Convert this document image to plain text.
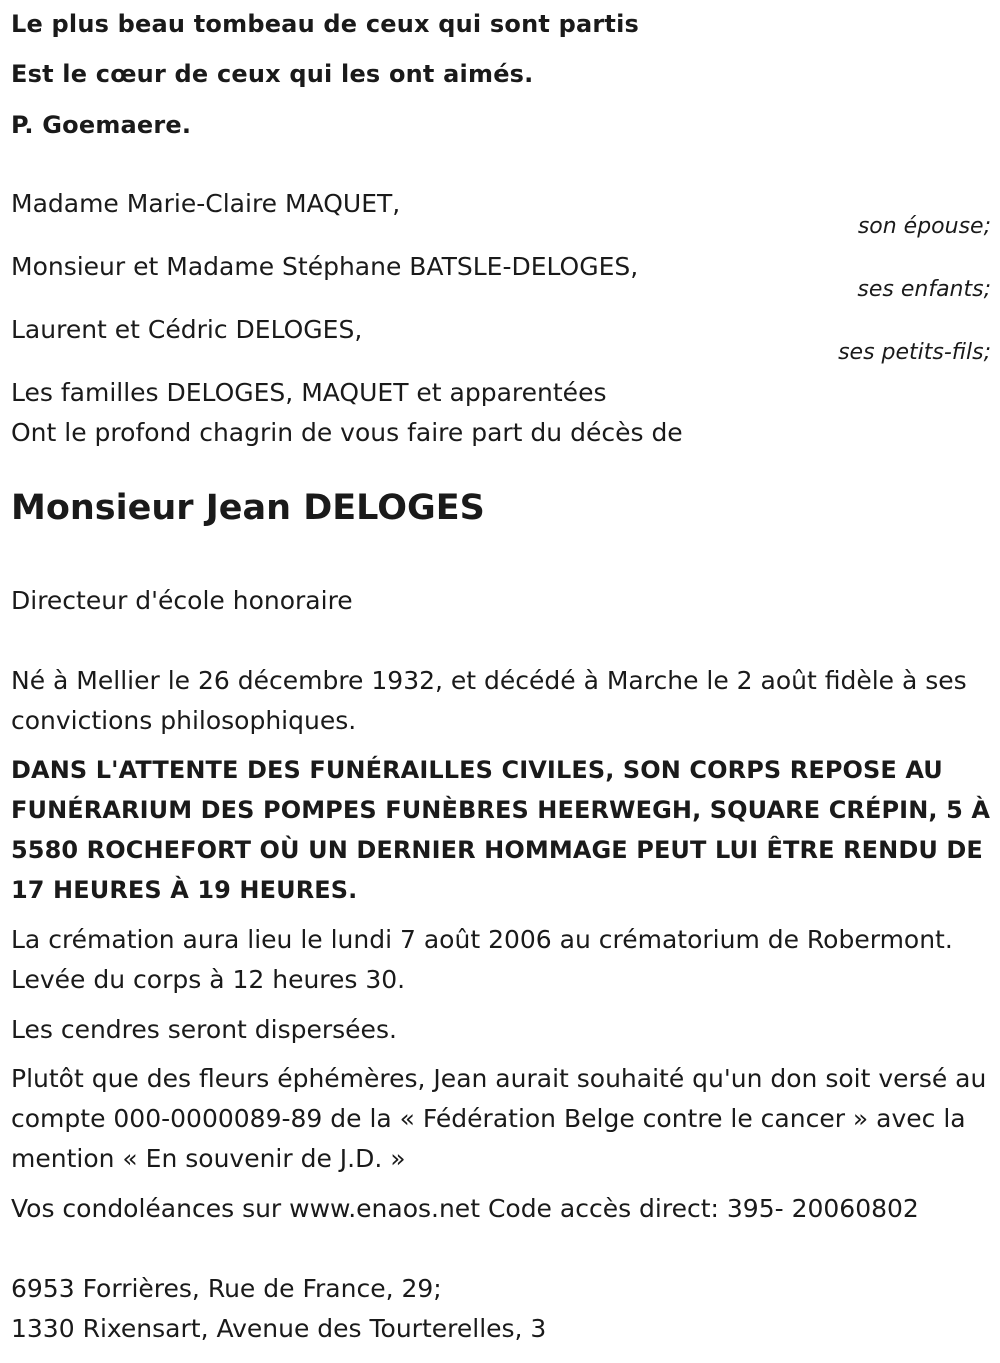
Le plus beau tombeau de ceux qui sont partis
Est le cœur de ceux qui les ont aimés.
P. Goemaere.
Madame Marie-Claire MAQUET,
son épouse;
Monsieur et Madame Stéphane BATSLE-DELOGES,
ses enfants;
Laurent et Cédric DELOGES,
ses petits-fils;
Les familles DELOGES, MAQUET et apparentées
Ont le profond chagrin de vous faire part du décès de
Monsieur Jean DELOGES
Directeur d'école honoraire
Né à Mellier le 26 décembre 1932, et décédé à Marche le 2 août fidèle à ses convictions philosophiques.
DANS L'ATTENTE DES FUNÉRAILLES CIVILES, SON CORPS REPOSE AU FUNÉRARIUM DES POMPES FUNÈBRES HEERWEGH, SQUARE CRÉPIN, 5 À 5580 ROCHEFORT OÙ UN DERNIER HOMMAGE PEUT LUI ÊTRE RENDU DE 17 HEURES À 19 HEURES.
La crémation aura lieu le lundi 7 août 2006 au crématorium de Robermont. Levée du corps à 12 heures 30.
Les cendres seront dispersées.
Plutôt que des fleurs éphémères, Jean aurait souhaité qu'un don soit versé au compte 000-0000089-89 de la « Fédération Belge contre le cancer » avec la mention « En souvenir de J.D. »
Vos condoléances sur www.enaos.net Code accès direct: 395- 20060802
6953 Forrières, Rue de France, 29;
1330 Rixensart, Avenue des Tourterelles, 3
